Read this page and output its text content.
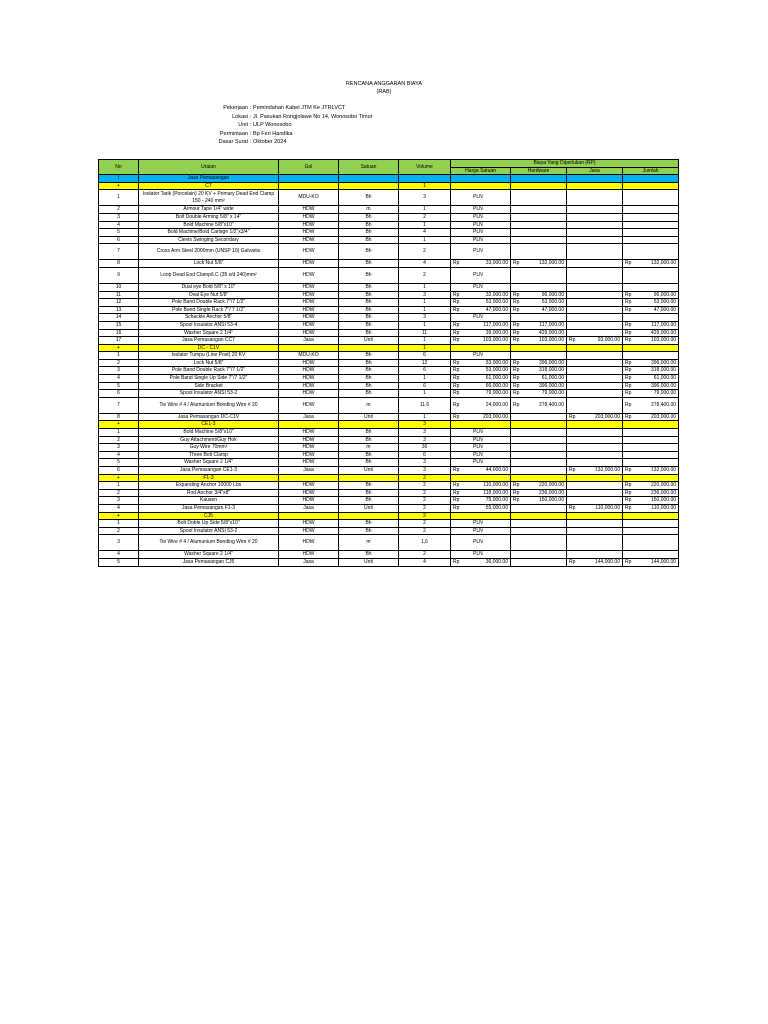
RENCANA ANGGARAN BIAYA
(RAB)
Pekerjaan : Pemindahan Kabel JTM Ke JTRLVCT
Lokasi : Jl. Pasukan Rongjolawe No 14, Wonosobo Timur
Unit : ULP Wonosobo
Permintaan : Bp Feri Handika
Dasar Surat : Oktober 2024
No	Uraian	Gol	Satuan	Volume	Biaya Yang Diperlukan (RP)			
					Harga Satuan	Hardware	Jasa	Jumlah
I	Jasa Pemasangan							
+	C7			1				
1	Isolator Tarik (Porcelain) 20 KV + Primary Dead End Clamp 150 - 240 mm²	MDU-KO	Bh	3	PLN			
2	Armour Tape 1/4" wide	HDW	m	1	PLN			
3	Bolt Double Arming 5/8" x 14"	HDW	Bh	2	PLN			
4	Bold Machine 5/8"x10"	HDW	Bh	1	PLN			
5	Bold Machine/Bold Cariage 1/2"x3/4"	HDW	Bh	4	PLN			
6	Clevis Swinging Secondary	HDW	Bh	1	PLN			
7	Cross Arm Steel 2000mm (UNSP 10) Galvanis	HDW	Bh	2	PLN			
8	Lock Nut 5/8"	HDW	Bh	4	Rp 33,000.00	Rp 132,000.00		Rp 132,000.00

9	Loop Dead End Clamp/LC (35 s/d 240)mm²	HDW	Bh	2	PLN			
10	Dual eye Bold 5/8" x 10"	HDW	Bh	1	PLN			
11	Oval Eye Nut 5/8"	HDW	Bh	3	Rp 32,000.00	Rp 96,000.00		Rp 96,000.00

12	Pole Band Double Rack 7"/7 1/2"	HDW	Bh	1	Rp 53,000.00	Rp 53,000.00		Rp 53,000.00

13	Pole Band Single Rack 7"/ 7 1/2"	HDW	Bh	1	Rp 47,000.00	Rp 47,000.00		Rp 47,000.00

14	Schackle Anchor 5/8"	HDW	Bh	3	PLN			
15	Spool Insulator ANSI 53-4	HDW	Bh	1	Rp 117,000.00	Rp 117,000.00		Rp 117,000.00

16	Washer Square 2 1/4"	HDW	Bh	11	Rp 39,000.00	Rp 429,000.00		Rp 429,000.00

17	Jasa Pemasangan CC7	Jasa	Unit	1	Rp 103,000.00	Rp 103,000.00	Rp 93,000.00	Rp 103,000.00

+	DC - C1V			1				
1	Isolator Tumpu (Line Post) 20 KV	MDU-KO	Bh	6	PLN			
2	Lock Nut 5/8"	HDW	Bh	12	Rp 33,000.00	Rp 396,000.00		Rp 396,000.00

3	Pole Band Double Rack 7"/7 1/2"	HDW	Bh	6	Rp 53,000.00	Rp 318,000.00		Rp 318,000.00

4	Pole Band Single Up Side 7"/7 1/2"	HDW	Bh	1	Rp 61,000.00	Rp 61,000.00		Rp 61,000.00

5	Side Bracket	HDW	Bh	6	Rp 66,000.00	Rp 396,000.00		Rp 396,000.00

6	Spool Insulator ANSI 53-2	HDW	Bh	1	Rp 79,000.00	Rp 79,000.00		Rp 79,000.00

7	Tie Wire # 4 / Alumunium Bonding Wire # 20	HDW	m	11.6	Rp 24,000.00	Rp 278,400.00		Rp 278,400.00

8	Jasa Pemasangan DC-C1V	Jasa	Unit	1	Rp 203,000.00		Rp 203,000.00	Rp 203,000.00

+	CE1-3			3				
1	Bold Machine 5/8"x10"	HDW	Bh	3	PLN			
2	Guy Attachment/Guy Hok	HDW	Bh	3	PLN			
3	Guy Wire 70mm²	HDW	m	36	PLN			
4	Three Bolt Clamp	HDW	Bh	6	PLN			
5	Washer Square 2 1/4"	HDW	Bh	3	PLN			
6	Jasa Pemasangan CE1-3	Jasa	Unit	3	Rp 44,000.00		Rp 132,000.00	Rp 132,000.00

+	F1-3			2				
1	Expanding Anchor 10000 Lbs	HDW	Bh	2	Rp 110,000.00	Rp 220,000.00		Rp 220,000.00

2	Rod Anchor 3/4"x8"	HDW	Bh	2	Rp 118,000.00	Rp 236,000.00		Rp 236,000.00

3	Kausen	HDW	Bh	2	Rp 75,000.00	Rp 150,000.00		Rp 150,000.00

4	Jasa Pemasangan F1-3	Jasa	Unit	2	Rp 55,000.00		Rp 110,000.00	Rp 110,000.00

+	CJ5			2				
1	Bolt Doble Up Side 5/8"x10"	HDW	Bh	2	PLN			
2	Spool Insulator ANSI 53-2	HDW	Bh	2	PLN			
3	Tie Wire # 4 / Alumunium Bonding Wire # 20	HDW	m	1,6	PLN			
4	Washer Square 2 1/4"	HDW	Bh	2	PLN			
5	Jasa Pemasangan CJ5	Jasa	Unit	4	Rp 36,000.00		Rp 144,000.00	Rp 144,000.00
